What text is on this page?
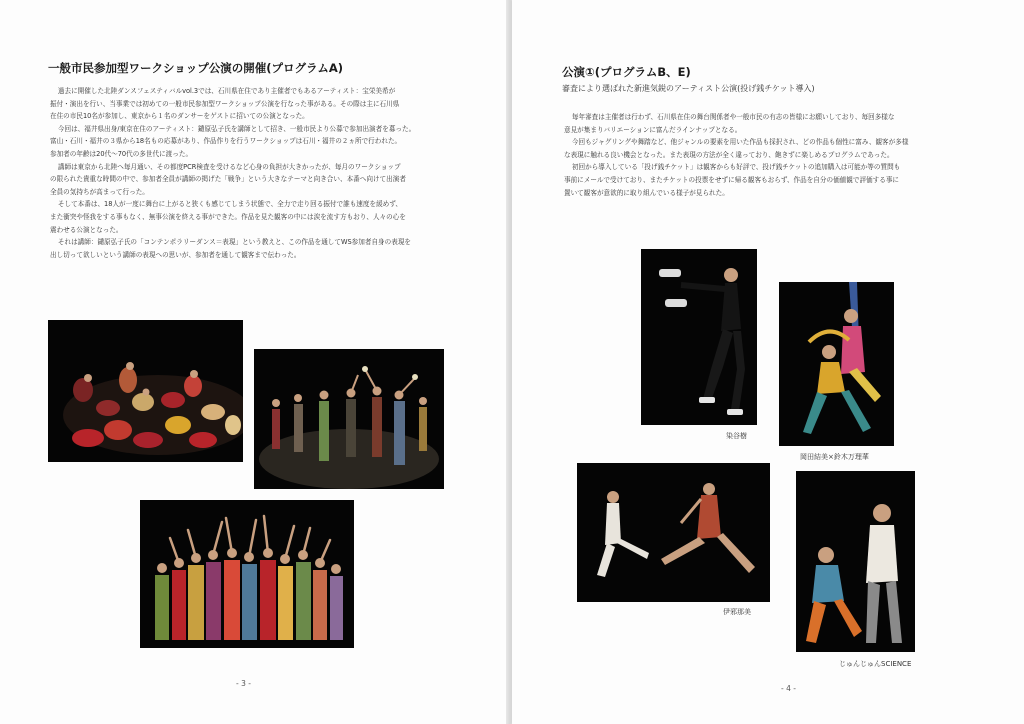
一般市民参加型ワークショップ公演の開催(プログラムA)

過去に開催した北陸ダンスフェスティバルvol.3では、石川県在住であり主催者でもあるアーティスト：宝栄美希が

振付・演出を行い、当事業では初めての一般市民参加型ワークショップ公演を行なった事がある。その際は主に石川県

在住の市民10名が参加し、東京から１名のダンサーをゲストに招いての公演となった。

今回は、福井県出身/東京在住のアーティスト：鑓原弘子氏を講師として招き、一般市民より公募で参加出演者を募った。

富山・石川・福井の３県から18名もの応募があり、作品作りを行うワークショップは石川・福井の２ヵ所で行われた。

参加者の年齢は20代〜70代の多世代に渡った。

講師は東京から北陸へ毎月通い、その都度PCR検査を受けるなど心身の負担が大きかったが、毎月のワークショップ

の限られた貴重な時間の中で、参加者全員が講師の掲げた「戦争」という大きなテーマと向き合い、本番へ向けて出演者

全員の気持ちが高まって行った。

そして本番は、18人が一度に舞台に上がると狭くも感じてしまう状態で、全力で走り回る振付で誰も速度を緩めず、

また衝突や怪我をする事もなく、無事公演を終える事ができた。作品を見た観客の中には涙を流す方もおり、人々の心を

震わせる公演となった。

それは講師：鑓原弘子氏の「コンテンポラリーダンス＝表現」という教えと、この作品を通してWS参加者自身の表現を

出し切って欲しいという講師の表現への思いが、参加者を通して観客まで伝わった。

- 3 -
公演①(プログラムB、E)
審査により選ばれた新進気鋭のアーティスト公演(投げ銭チケット導入)

毎年審査は主催者は行わず、石川県在住の舞台関係者や一般市民の有志の皆様にお願いしており、毎回多様な

意見が集まりバリエーションに富んだラインナップとなる。

今回もジャグリングや舞踏など、他ジャンルの要素を用いた作品も採択され、どの作品も個性に富み、観客が多様

な表現に触れる良い機会となった。また表現の方法が全く違っており、飽きずに楽しめるプログラムであった。

初回から導入している「投げ銭チケット」は観客からも好評で、投げ銭チケットの追加購入は可能か等の質問も

事前にメールで受けており、またチケットの投票をせずに帰る観客もおらず、作品を自分の価値観で評価する事に

置いて観客が意欲的に取り組んでいる様子が見られた。

染谷樹
岡田結美×鈴木万理華
伊邪那美
じゅんじゅんSCIENCE
- 4 -
